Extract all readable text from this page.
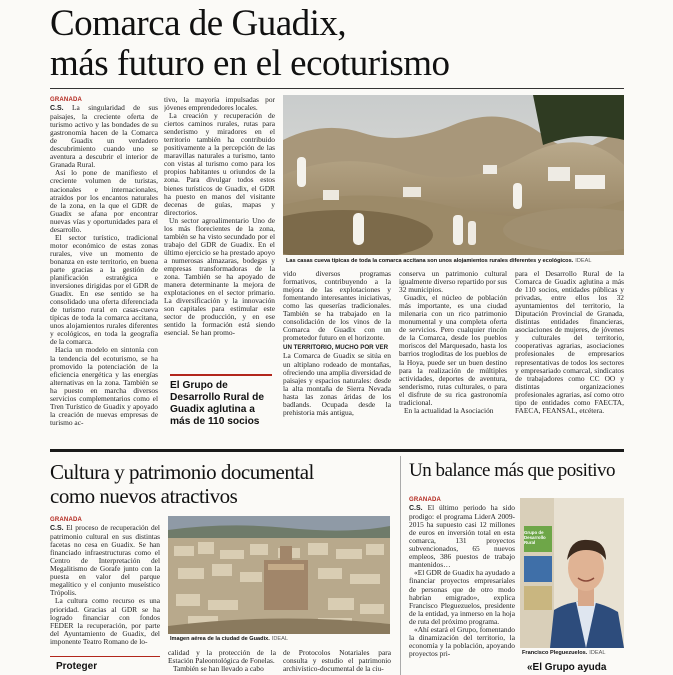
Comarca de Guadix,
más futuro en el ecoturismo
GRANADA

C.S. La singularidad de sus paisajes, la creciente oferta de turismo activo y las bondades de su gastronomía hacen de la Comarca de Guadix un verdadero descubrimiento cuando uno se aventura a descubrir el interior de Granada Rural.

Así lo pone de manifiesto el creciente volumen de turistas, nacionales e internacionales, atraídos por los encantos naturales de la zona, en la que el GDR de Guadix se afana por encontrar nuevas vías y oportunidades para el desarrollo.

El sector turístico, tradicional motor económico de estas zonas rurales, vive un momento de bonanza en este territorio, en buena parte gracias a la gestión de planificación estratégica e inversiones dirigidas por el GDR de Guadix. En ese sentido se ha consolidado una oferta diferenciada de turismo rural en casas-cueva típicas de toda la comarca accitana, unos alojamientos rurales diferentes y ecológicos, en toda la geografía de la comarca.

Hacia un modelo en sintonía con la tendencia del ecoturismo, se ha promovido la potenciación de la eficiencia energética y las energías alternativas en la zona. También se ha puesto en marcha diversos servicios complementarios como el Tren Turístico de Guadix y apoyado la creación de nuevas empresas de turismo ac-

tivo, la mayoría impulsadas por jóvenes emprendedores locales.

La creación y recuperación de ciertos caminos rurales, rutas para senderismo y miradores en el territorio también ha contribuido positivamente a la percepción de las maravillas naturales a turismo, tanto con vistas al turismo como para los propios habitantes u oriundos de la zona. Para divulgar todos estos bienes turísticos de Guadix, el GDR ha puesto en manos del visitante decenas de guías, mapas y directorios.

Un sector agroalimentario Uno de los más florecientes de la zona, también se ha visto secundado por el trabajo del GDR de Guadix. En el último ejercicio se ha prestado apoyo a numerosas almazaras, bodegas y empresas transformadoras de la zona. También se ha apoyado de manera determinante la mejora de explotaciones en el sector primario. La diversificación y la innovación son capitales para estimular este sector de producción, y en ese sentido la formación está siendo esencial. Se han promo-

El Grupo de Desarrollo Rural de Guadix aglutina a más de 110 socios
Las casas cueva típicas de toda la comarca accitana son unos alojamientos rurales diferentes y ecológicos. IDEAL

vido diversos programas formativos, contribuyendo a la mejora de las explotaciones y fomentando interesantes iniciativas, como las queserías tradicionales. También se ha trabajado en la consolidación de los vinos de la Comarca de Guadix con un prometedor futuro en el horizonte.

UN TERRITORIO, MUCHO POR VER

La Comarca de Guadix se sitúa en un altiplano rodeado de montañas, ofreciendo una amplia diversidad de paisajes y espacios naturales: desde la alta montaña de Sierra Nevada hasta las zonas áridas de los badlands. Ocupada desde la prehistoria más antigua,

conserva un patrimonio cultural igualmente diverso repartido por sus 32 municipios.

Guadix, el núcleo de población más importante, es una ciudad milenaria con un rico patrimonio monumental y una completa oferta de servicios. Pero cualquier rincón de la Comarca, desde los pueblos moriscos del Marquesado, hasta los barrios trogloditas de los pueblos de la Hoya, puede ser un buen destino para la realización de múltiples actividades, deportes de aventura, senderismo, rutas culturales, o para el disfrute de su rica gastronomía tradicional.

En la actualidad la Asociación

para el Desarrollo Rural de la Comarca de Guadix aglutina a más de 110 socios, entidades públicas y privadas, entre ellos los 32 ayuntamientos del territorio, la Diputación Provincial de Granada, distintas entidades financieras, asociaciones de mujeres, de jóvenes y culturales del territorio, cooperativas agrarias, asociaciones profesionales de empresarios representativas de todos los sectores y empresariado comarcal, sindicatos de trabajadores como CC OO y distintas organizaciones profesionales agrarias, así como otro tipo de entidades como FAECTA, FAECA, FEANSAL, etcétera.

Cultura y patrimonio documental
como nuevos atractivos
GRANADA

C.S. El proceso de recuperación del patrimonio cultural en sus distintas facetas no cesa en Guadix. Se han financiado infraestructuras como el Centro de Interpretación del Megalitismo de Gorafe junto con la puesta en valor del parque megalítico y el conjunto museístico Trópolis.

La cultura como recurso es una prioridad. Gracias al GDR se ha logrado financiar con fondos FEDER la recuperación, por parte del Ayuntamiento de Guadix, del imponente Teatro Romano de lo-

Proteger
Imagen aérea de la ciudad de Guadix. IDEAL

calidad y la protección de la Estación Paleontológica de Fonelas.

También se han llevado a cabo

de Protocolos Notariales para consulta y estudio el patrimonio archivístico-documental de la ciu-

Un balance más que positivo
GRANADA

C.S. El último periodo ha sido prodigo: el programa LiderA 2009-2015 ha supuesto casi 12 millones de euros en inversión total en esta comarca, 131 proyectos subvencionados, 65 nuevos empleos, 386 puestos de trabajo mantenidos…

«El GDR de Guadix ha ayudado a financiar proyectos empresariales de personas que de otro modo habrían emigrado», explica Francisco Pleguezuelos, presidente de la entidad, ya inmerso en la hoja de ruta del próximo programa.

«Ahí estará el Grupo, fomentando la dinamización del territorio, la economía y la población, apoyando proyectos pri-

Grupo de Desarrollo Rural
Francisco Pleguezuelos. IDEAL
«El Grupo ayuda
